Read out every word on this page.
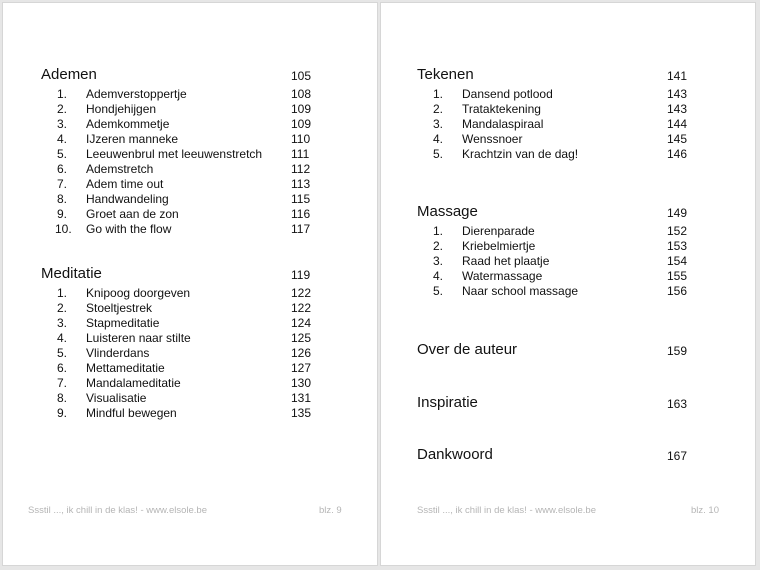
Ademen	105
1. Ademverstoppertje	108
2. Hondjehijgen	109
3. Ademkommetje	109
4. IJzeren manneke	110
5. Leeuwenbrul met leeuwenstretch 111
6. Ademstretch	112
7. Adem time out	113
8. Handwandeling	115
9. Groet aan de zon	116
10. Go with the flow	117
Meditatie	119
1. Knipoog doorgeven	122
2. Stoeltjestrek	122
3. Stapmeditatie	124
4. Luisteren naar stilte	125
5. Vlinderdans	126
6. Mettameditatie	127
7. Mandalameditatie	130
8. Visualisatie	131
9. Mindful bewegen	135
Ssstil ..., ik chill in de klas! - www.elsole.be	blz. 9
Tekenen	141
1. Dansend potlood	143
2. Trataktekening	143
3. Mandalaspiraal	144
4. Wenssnoer	145
5. Krachtzin van de dag!	146
Massage	149
1. Dierenparade	152
2. Kriebelmiertje	153
3. Raad het plaatje	154
4. Watermassage	155
5. Naar school massage	156
Over de auteur	159
Inspiratie	163
Dankwoord	167
Ssstil ..., ik chill in de klas! - www.elsole.be	blz. 10
